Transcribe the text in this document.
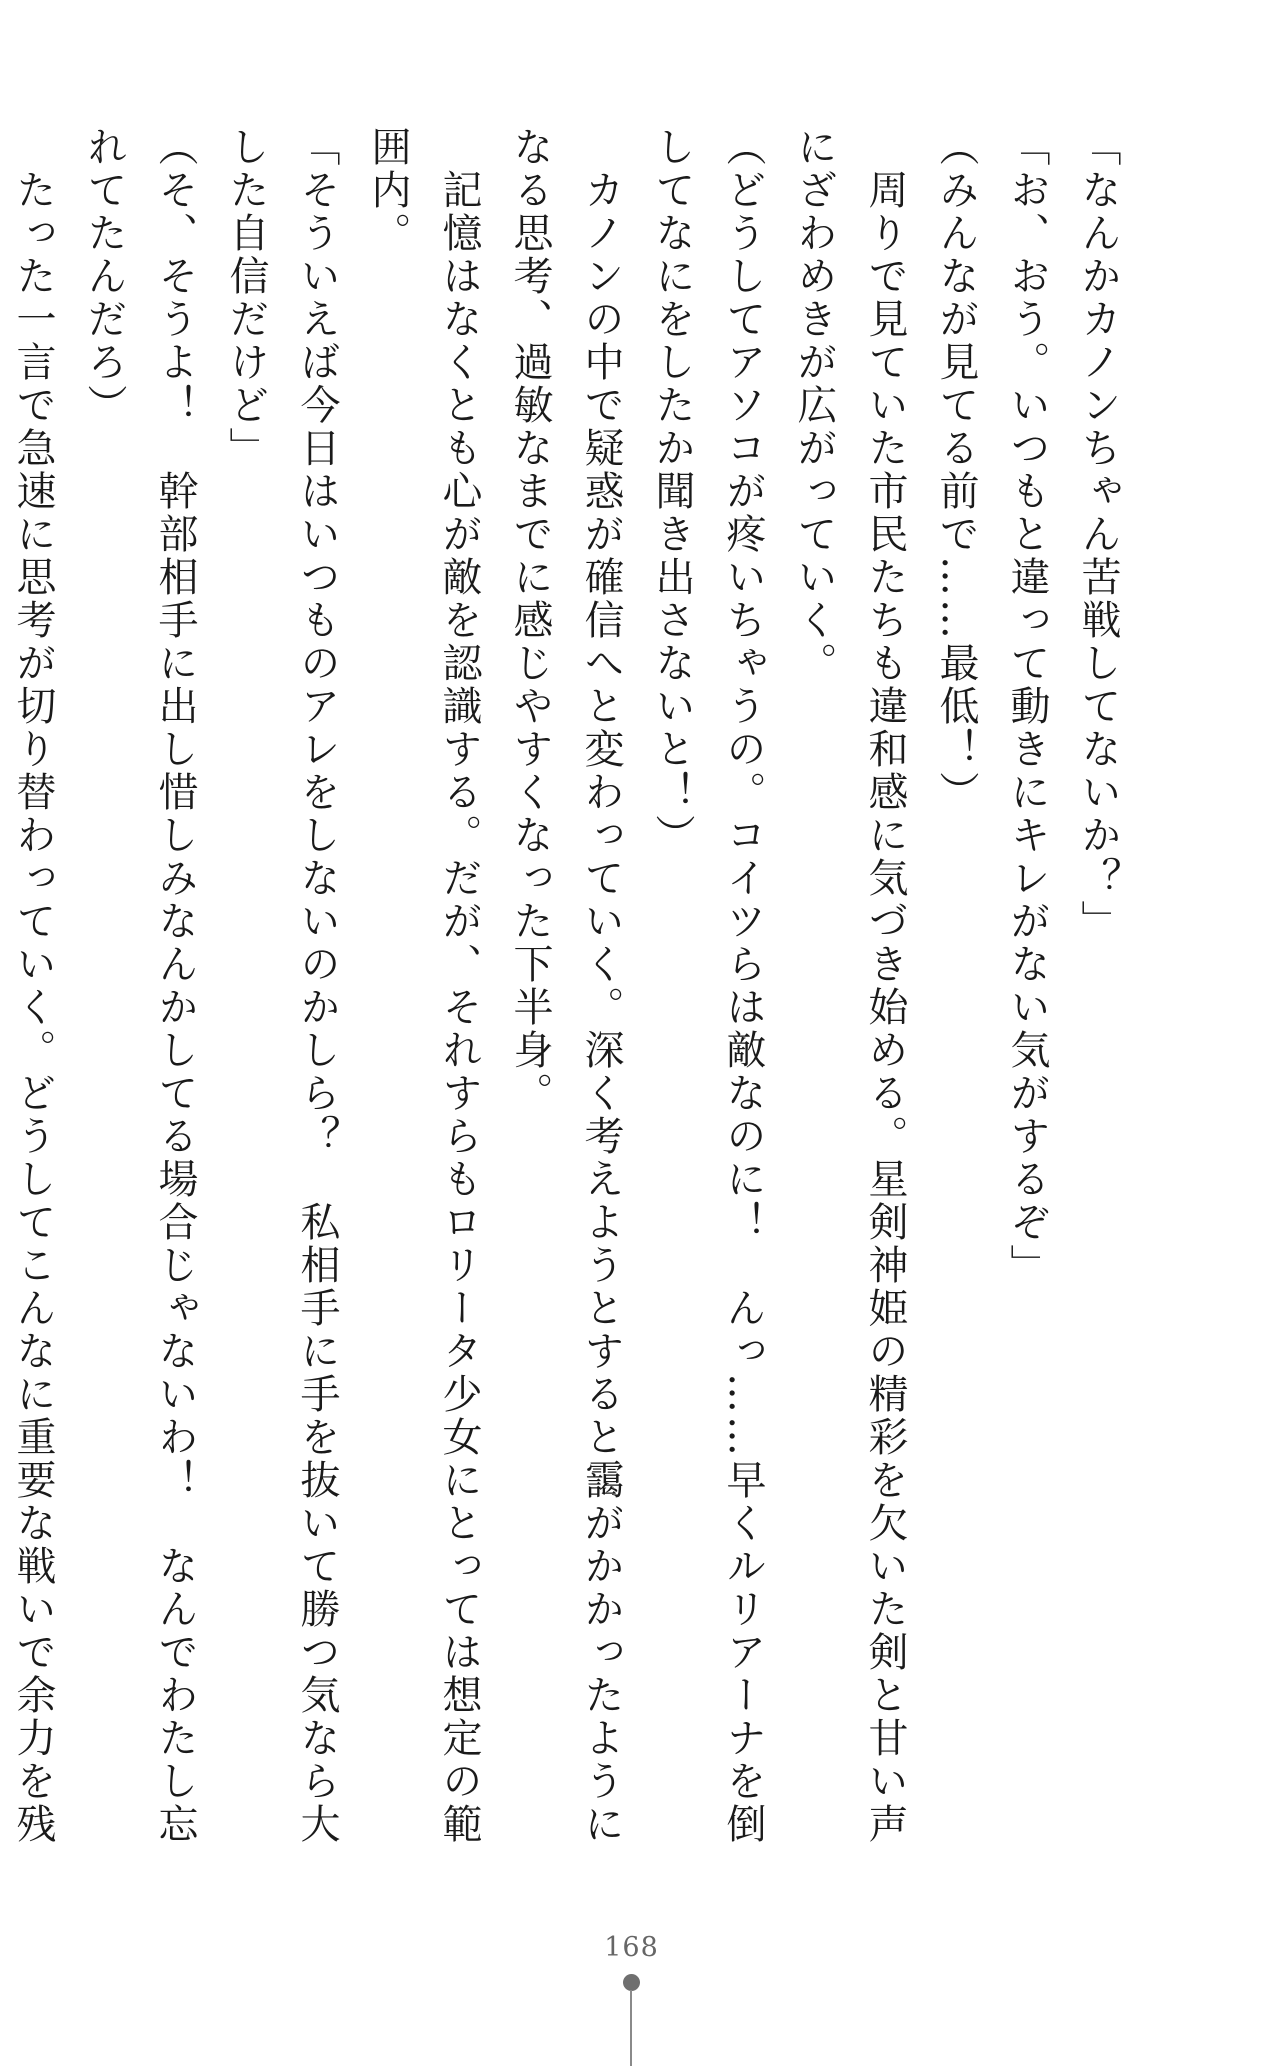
「なんかカノンちゃん苦戦してないか？」

「お、おう。いつもと違って動きにキレがない気がするぞ」

（みんなが見てる前で……最低！）

　周りで見ていた市民たちも違和感に気づき始める。星剣神姫の精彩を欠いた剣と甘い声

にざわめきが広がっていく。

（どうしてアソコが疼いちゃうの。コイツらは敵なのに！　んっ……早くルリアーナを倒

してなにをしたか聞き出さないと！）

　カノンの中で疑惑が確信へと変わっていく。深く考えようとすると靄がかかったように

なる思考、過敏なまでに感じやすくなった下半身。

　記憶はなくとも心が敵を認識する。だが、それすらもロリータ少女にとっては想定の範

囲内。

「そういえば今日はいつものアレをしないのかしら？　私相手に手を抜いて勝つ気なら大

した自信だけど」

（そ、そうよ！　幹部相手に出し惜しみなんかしてる場合じゃないわ！　なんでわたし忘

れてたんだろ）

　たった一言で急速に思考が切り替わっていく。どうしてこんなに重要な戦いで余力を残

168
